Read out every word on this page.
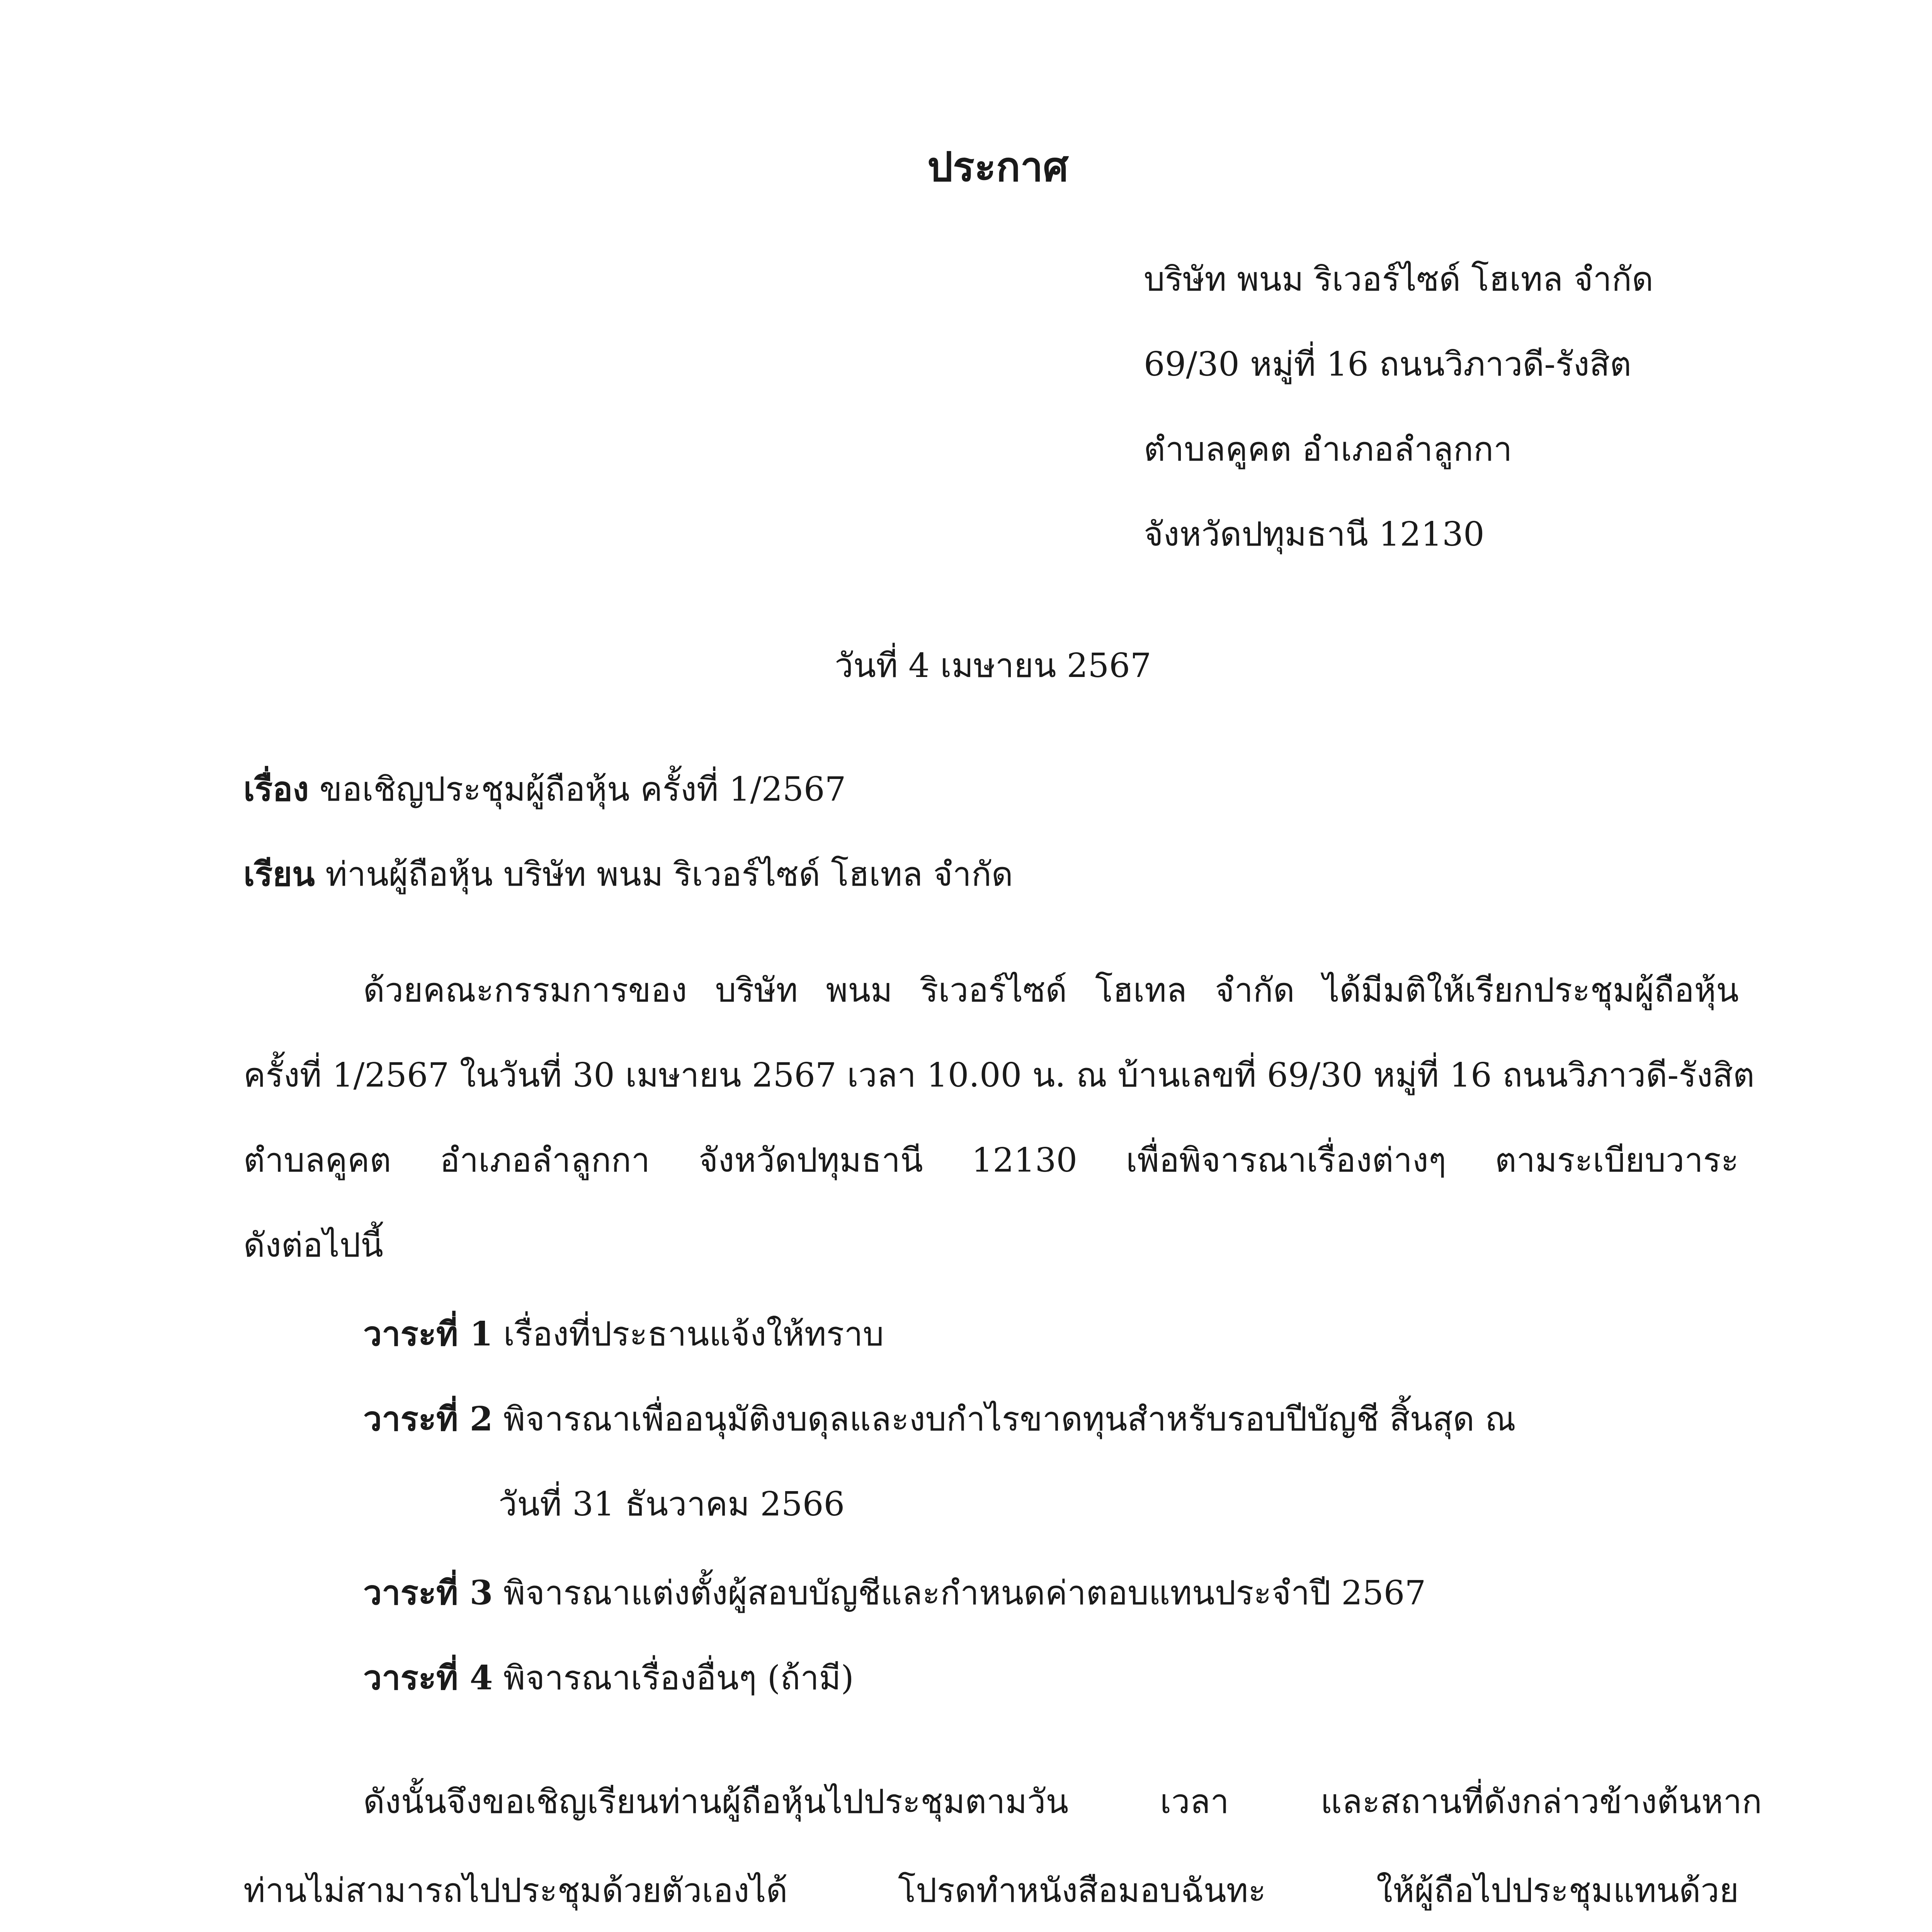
ประกาศ
บริษัท พนม ริเวอร์ไซด์ โฮเทล จำกัด
69/30 หมู่ที่ 16 ถนนวิภาวดี-รังสิต
ตำบลคูคต อำเภอลำลูกกา
จังหวัดปทุมธานี 12130
วันที่ 4 เมษายน 2567
เรื่อง ขอเชิญประชุมผู้ถือหุ้น ครั้งที่ 1/2567
เรียน ท่านผู้ถือหุ้น บริษัท พนม ริเวอร์ไซด์ โฮเทล จำกัด
ด้วยคณะกรรมการของ บริษัท พนม ริเวอร์ไซด์ โฮเทล จำกัด ได้มีมติให้เรียกประชุมผู้ถือหุ้น
ครั้งที่ 1/2567 ในวันที่ 30 เมษายน 2567 เวลา 10.00 น. ณ บ้านเลขที่ 69/30 หมู่ที่ 16 ถนนวิภาวดี-รังสิต
ตำบลคูคต อำเภอลำลูกกา จังหวัดปทุมธานี 12130 เพื่อพิจารณาเรื่องต่างๆ ตามระเบียบวาระ
ดังต่อไปนี้
วาระที่ 1 เรื่องที่ประธานแจ้งให้ทราบ
วาระที่ 2 พิจารณาเพื่ออนุมัติงบดุลและงบกำไรขาดทุนสำหรับรอบปีบัญชี สิ้นสุด ณ
วันที่ 31 ธันวาคม 2566
วาระที่ 3 พิจารณาแต่งตั้งผู้สอบบัญชีและกำหนดค่าตอบแทนประจำปี 2567
วาระที่ 4 พิจารณาเรื่องอื่นๆ (ถ้ามี)
ดังนั้นจึงขอเชิญเรียนท่านผู้ถือหุ้นไปประชุมตามวัน เวลา และสถานที่ดังกล่าวข้างต้นหาก
ท่านไม่สามารถไปประชุมด้วยตัวเองได้ โปรดทำหนังสือมอบฉันทะ ให้ผู้ถือไปประชุมแทนด้วย
